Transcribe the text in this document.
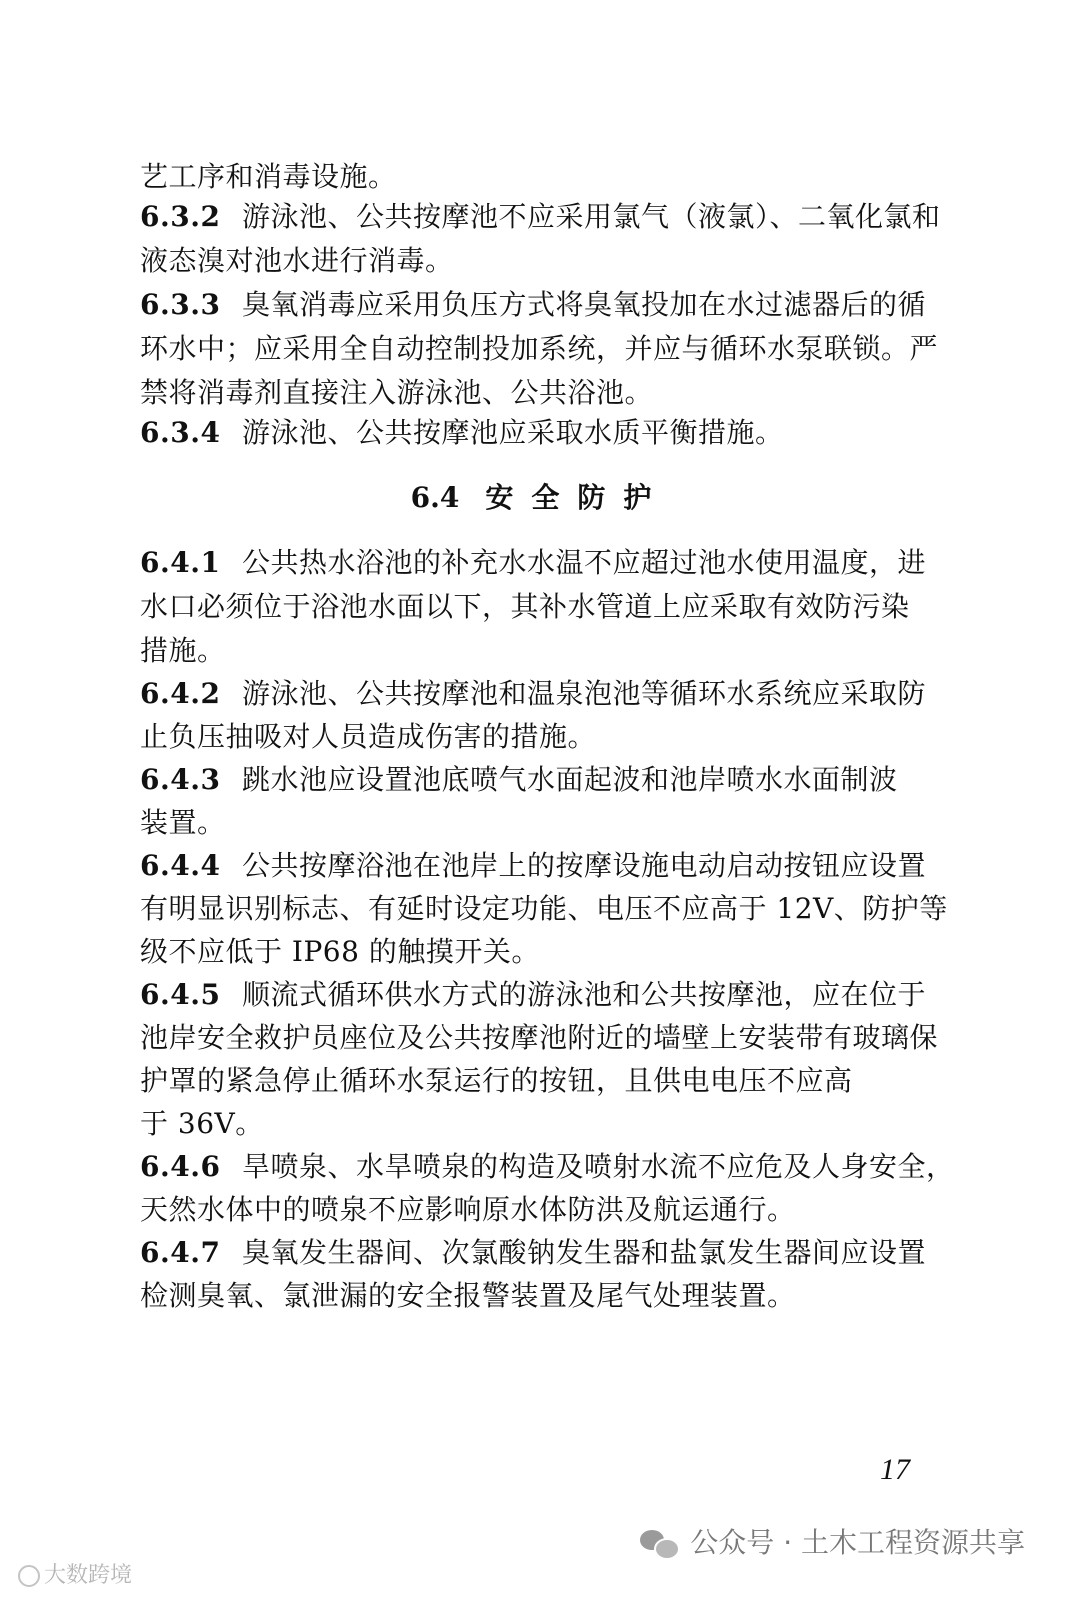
艺工序和消毒设施。
6.3.2 游泳池、公共按摩池不应采用氯气（液氯）、二氧化氯和
液态溴对池水进行消毒。
6.3.3 臭氧消毒应采用负压方式将臭氧投加在水过滤器后的循
环水中；应采用全自动控制投加系统，并应与循环水泵联锁。严
禁将消毒剂直接注入游泳池、公共浴池。
6.3.4 游泳池、公共按摩池应采取水质平衡措施。
6.4 安全防护
6.4.1 公共热水浴池的补充水水温不应超过池水使用温度，进
水口必须位于浴池水面以下，其补水管道上应采取有效防污染
措施。
6.4.2 游泳池、公共按摩池和温泉泡池等循环水系统应采取防
止负压抽吸对人员造成伤害的措施。
6.4.3 跳水池应设置池底喷气水面起波和池岸喷水水面制波
装置。
6.4.4 公共按摩浴池在池岸上的按摩设施电动启动按钮应设置
有明显识别标志、有延时设定功能、电压不应高于 12V、防护等
级不应低于 IP68 的触摸开关。
6.4.5 顺流式循环供水方式的游泳池和公共按摩池，应在位于
池岸安全救护员座位及公共按摩池附近的墙壁上安装带有玻璃保
护罩的紧急停止循环水泵运行的按钮，且供电电压不应高
于 36V。
6.4.6 旱喷泉、水旱喷泉的构造及喷射水流不应危及人身安全，
天然水体中的喷泉不应影响原水体防洪及航运通行。
6.4.7 臭氧发生器间、次氯酸钠发生器和盐氯发生器间应设置
检测臭氧、氯泄漏的安全报警装置及尾气处理装置。
17
公众号 · 土木工程资源共享
大数跨境
